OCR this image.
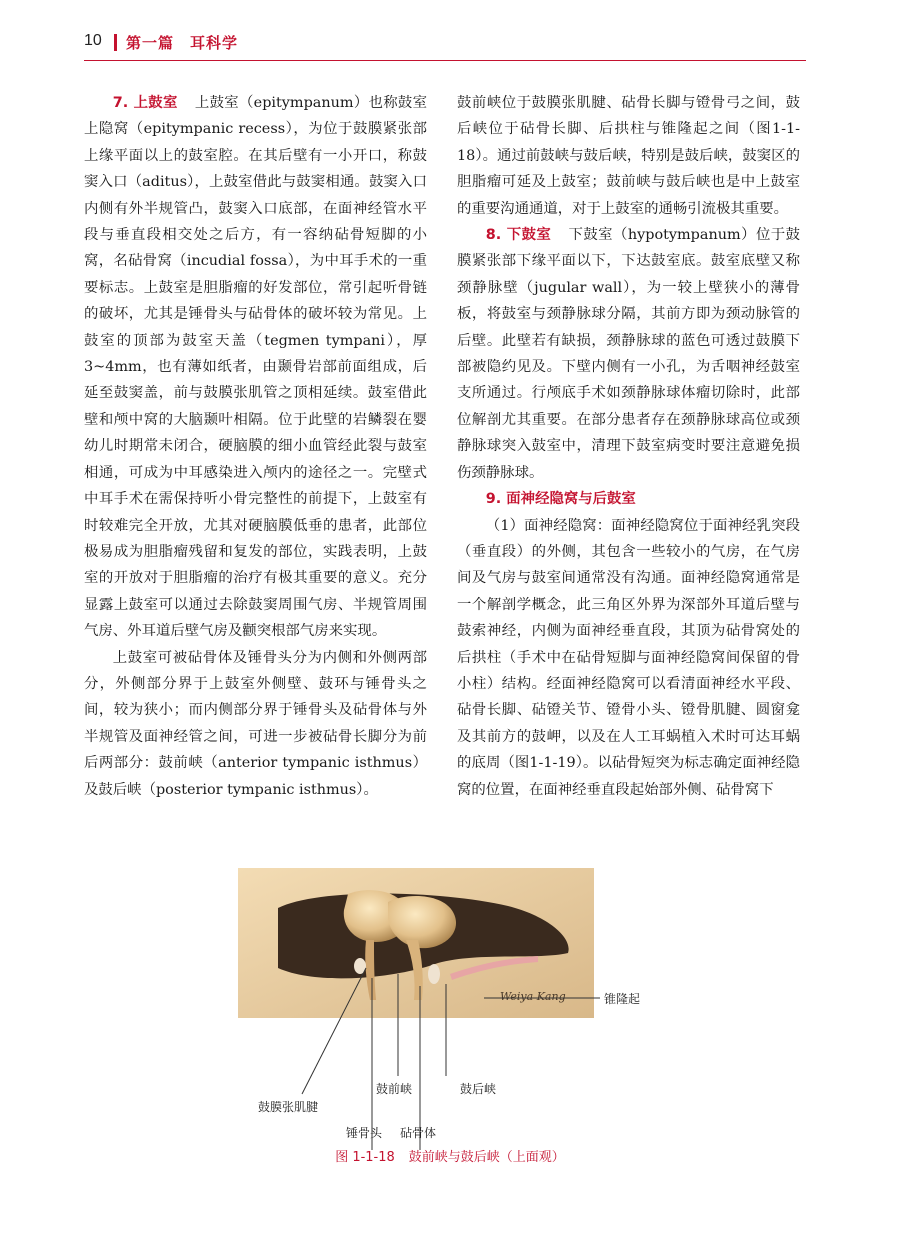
10 第一篇　耳科学

7. 上鼓室 上鼓室（epitympanum）也称鼓室上隐窝（epitympanic recess），为位于鼓膜紧张部上缘平面以上的鼓室腔。在其后壁有一小开口，称鼓窦入口（aditus），上鼓室借此与鼓窦相通。鼓窦入口内侧有外半规管凸，鼓窦入口底部，在面神经管水平段与垂直段相交处之后方，有一容纳砧骨短脚的小窝，名砧骨窝（incudial fossa），为中耳手术的一重要标志。上鼓室是胆脂瘤的好发部位，常引起听骨链的破坏，尤其是锤骨头与砧骨体的破坏较为常见。上鼓室的顶部为鼓室天盖（tegmen tympani），厚3~4mm，也有薄如纸者，由颞骨岩部前面组成，后延至鼓窦盖，前与鼓膜张肌管之顶相延续。鼓室借此壁和颅中窝的大脑颞叶相隔。位于此壁的岩鳞裂在婴幼儿时期常未闭合，硬脑膜的细小血管经此裂与鼓室相通，可成为中耳感染进入颅内的途径之一。完壁式中耳手术在需保持听小骨完整性的前提下，上鼓室有时较难完全开放，尤其对硬脑膜低垂的患者，此部位极易成为胆脂瘤残留和复发的部位，实践表明，上鼓室的开放对于胆脂瘤的治疗有极其重要的意义。充分显露上鼓室可以通过去除鼓窦周围气房、半规管周围气房、外耳道后壁气房及颧突根部气房来实现。

上鼓室可被砧骨体及锤骨头分为内侧和外侧两部分，外侧部分界于上鼓室外侧壁、鼓环与锤骨头之间，较为狭小；而内侧部分界于锤骨头及砧骨体与外半规管及面神经管之间，可进一步被砧骨长脚分为前后两部分：鼓前峡（anterior tympanic isthmus）及鼓后峡（posterior tympanic isthmus）。

鼓前峡位于鼓膜张肌腱、砧骨长脚与镫骨弓之间，鼓后峡位于砧骨长脚、后拱柱与锥隆起之间（图1-1-18）。通过前鼓峡与鼓后峡，特别是鼓后峡，鼓窦区的胆脂瘤可延及上鼓室；鼓前峡与鼓后峡也是中上鼓室的重要沟通通道，对于上鼓室的通畅引流极其重要。

8. 下鼓室 下鼓室（hypotympanum）位于鼓膜紧张部下缘平面以下，下达鼓室底。鼓室底壁又称颈静脉壁（jugular wall），为一较上壁狭小的薄骨板，将鼓室与颈静脉球分隔，其前方即为颈动脉管的后壁。此壁若有缺损，颈静脉球的蓝色可透过鼓膜下部被隐约见及。下壁内侧有一小孔，为舌咽神经鼓室支所通过。行颅底手术如颈静脉球体瘤切除时，此部位解剖尤其重要。在部分患者存在颈静脉球高位或颈静脉球突入鼓室中，清理下鼓室病变时要注意避免损伤颈静脉球。

9. 面神经隐窝与后鼓室

（1）面神经隐窝：面神经隐窝位于面神经乳突段（垂直段）的外侧，其包含一些较小的气房，在气房间及气房与鼓室间通常没有沟通。面神经隐窝通常是一个解剖学概念，此三角区外界为深部外耳道后壁与鼓索神经，内侧为面神经垂直段，其顶为砧骨窝处的后拱柱（手术中在砧骨短脚与面神经隐窝间保留的骨小柱）结构。经面神经隐窝可以看清面神经水平段、砧骨长脚、砧镫关节、镫骨小头、镫骨肌腱、圆窗龛及其前方的鼓岬，以及在人工耳蜗植入术时可达耳蜗的底周（图1-1-19）。以砧骨短突为标志确定面神经隐窝的位置，在面神经垂直段起始部外侧、砧骨窝下

Weiya Kang	锥隆起
鼓膜张肌腱
鼓前峡	鼓后峡
锤骨头 砧骨体
图 1-1-18 鼓前峡与鼓后峡（上面观）
